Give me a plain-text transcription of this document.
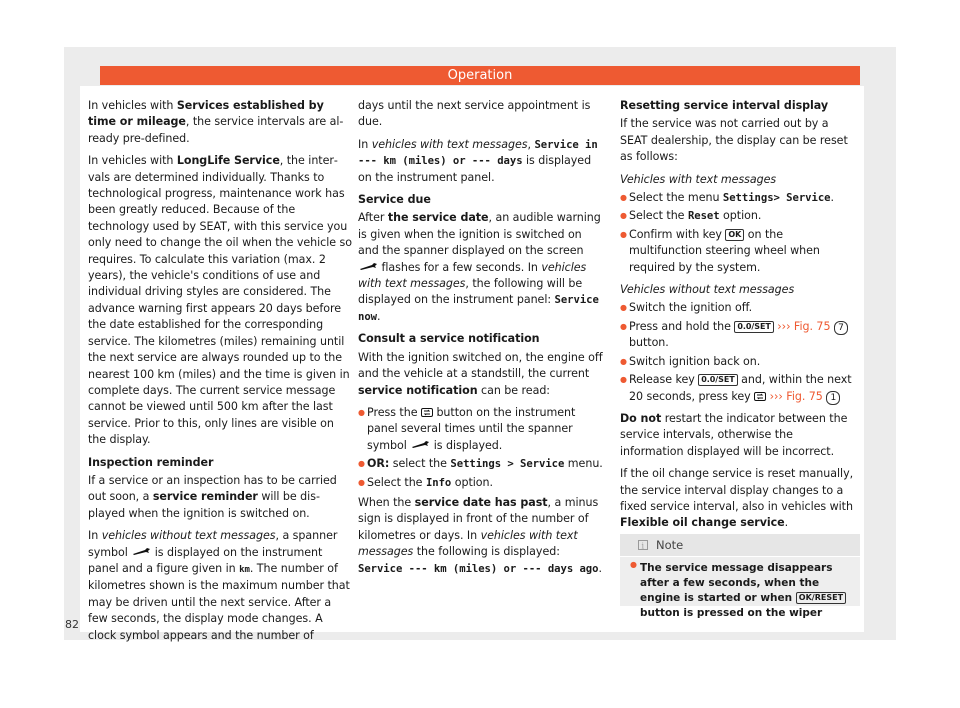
Operation

In vehicles with Services established by time or mileage, the service intervals are already pre-defined.

In vehicles with LongLife Service, the intervals are determined individually. Thanks to technological progress, maintenance work has been greatly reduced. Because of the technology used by SEAT, with this service you only need to change the oil when the vehicle so requires. To calculate this variation (max. 2 years), the vehicle's conditions of use and individual driving styles are considered. The advance warning first appears 20 days before the date established for the corresponding service. The kilometres (miles) remaining until the next service are always rounded up to the nearest 100 km (miles) and the time is given in complete days. The current service message cannot be viewed until 500 km after the last service. Prior to this, only lines are visible on the display.

Inspection reminder

If a service or an inspection has to be carried out soon, a service reminder will be displayed when the ignition is switched on.

In vehicles without text messages, a spanner symbol  is displayed on the instrument panel and a figure given in km. The number of kilometres shown is the maximum number that may be driven until the next service. After a few seconds, the display mode changes. A clock symbol appears and the number of

days until the next service appointment is due.

In vehicles with text messages, Service in --- km (miles) or --- days is displayed on the instrument panel.

Service due

After the service date, an audible warning is given when the ignition is switched on and the spanner displayed on the screen  flashes for a few seconds. In vehicles with text messages, the following will be displayed on the instrument panel: Service now.

Consult a service notification

With the ignition switched on, the engine off and the vehicle at a standstill, the current service notification can be read:

● Press the  button on the instrument panel several times until the spanner symbol  is displayed.

● OR: select the Settings > Service menu.

● Select the Info option.

When the service date has past, a minus sign is displayed in front of the number of kilometres or days. In vehicles with text messages the following is displayed: Service --- km (miles) or --- days ago.

Resetting service interval display

If the service was not carried out by a SEAT dealership, the display can be reset as follows:

Vehicles with text messages

● Select the menu Settings> Service.

● Select the Reset option.

● Confirm with key OK on the multifunction steering wheel when required by the system.

Vehicles without text messages

● Switch the ignition off.

● Press and hold the 0.0/SET ››› Fig. 75 7 button.

● Switch ignition back on.

● Release key 0.0/SET and, within the next 20 seconds, press key  ››› Fig. 75 1

Do not restart the indicator between the service intervals, otherwise the information displayed will be incorrect.

If the oil change service is reset manually, the service interval display changes to a fixed service interval, also in vehicles with Flexible oil change service.

i Note
● The service message disappears after a few seconds, when the engine is started or when OK/RESET button is pressed on the wiper
82
